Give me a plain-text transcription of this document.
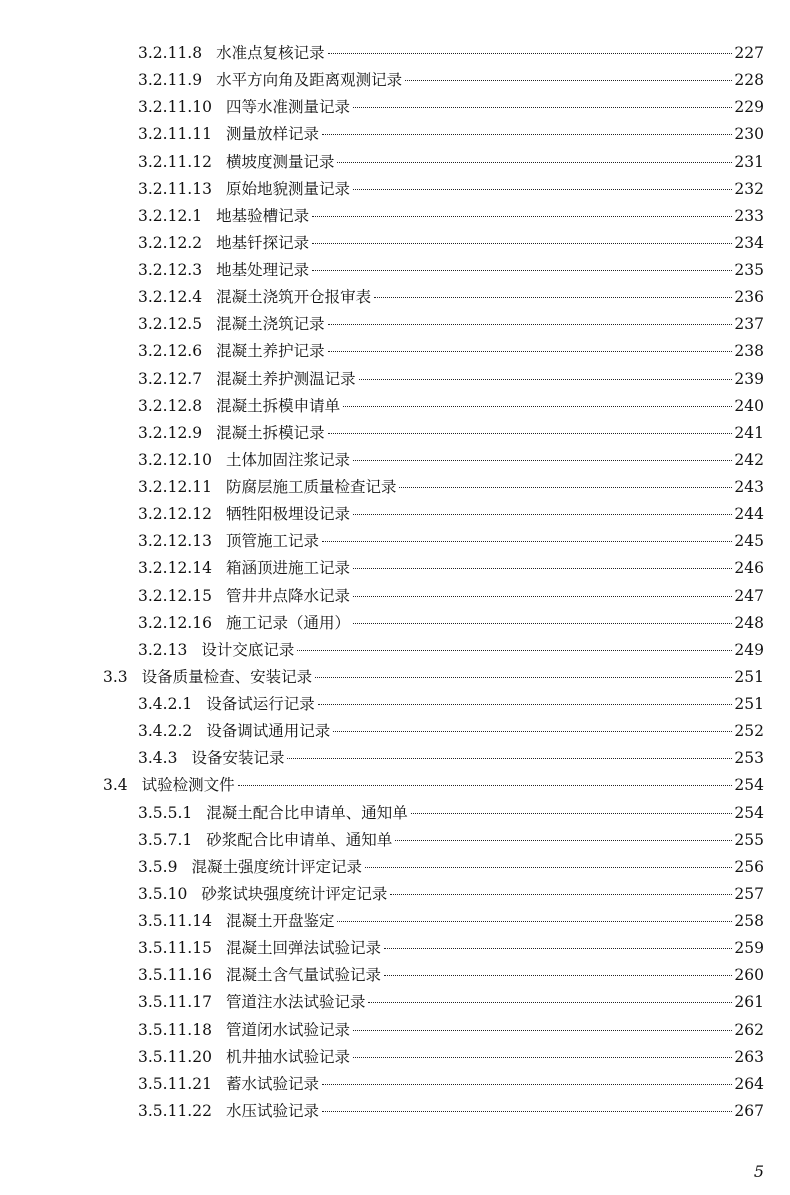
3.2.11.8 水准点复核记录	227
3.2.11.9 水平方向角及距离观测记录	228
3.2.11.10 四等水准测量记录	229
3.2.11.11 测量放样记录	230
3.2.11.12 横坡度测量记录	231
3.2.11.13 原始地貌测量记录	232
3.2.12.1 地基验槽记录	233
3.2.12.2 地基钎探记录	234
3.2.12.3 地基处理记录	235
3.2.12.4 混凝土浇筑开仓报审表	236
3.2.12.5 混凝土浇筑记录	237
3.2.12.6 混凝土养护记录	238
3.2.12.7 混凝土养护测温记录	239
3.2.12.8 混凝土拆模申请单	240
3.2.12.9 混凝土拆模记录	241
3.2.12.10 土体加固注浆记录	242
3.2.12.11 防腐层施工质量检查记录	243
3.2.12.12 牺牲阳极埋设记录	244
3.2.12.13 顶管施工记录	245
3.2.12.14 箱涵顶进施工记录	246
3.2.12.15 管井井点降水记录	247
3.2.12.16 施工记录（通用）	248
3.2.13 设计交底记录	249
3.3 设备质量检查、安装记录	251
3.4.2.1 设备试运行记录	251
3.4.2.2 设备调试通用记录	252
3.4.3 设备安装记录	253
3.4 试验检测文件	254
3.5.5.1 混凝土配合比申请单、通知单	254
3.5.7.1 砂浆配合比申请单、通知单	255
3.5.9 混凝土强度统计评定记录	256
3.5.10 砂浆试块强度统计评定记录	257
3.5.11.14 混凝土开盘鉴定	258
3.5.11.15 混凝土回弹法试验记录	259
3.5.11.16 混凝土含气量试验记录	260
3.5.11.17 管道注水法试验记录	261
3.5.11.18 管道闭水试验记录	262
3.5.11.20 机井抽水试验记录	263
3.5.11.21 蓄水试验记录	264
3.5.11.22 水压试验记录	267
5
